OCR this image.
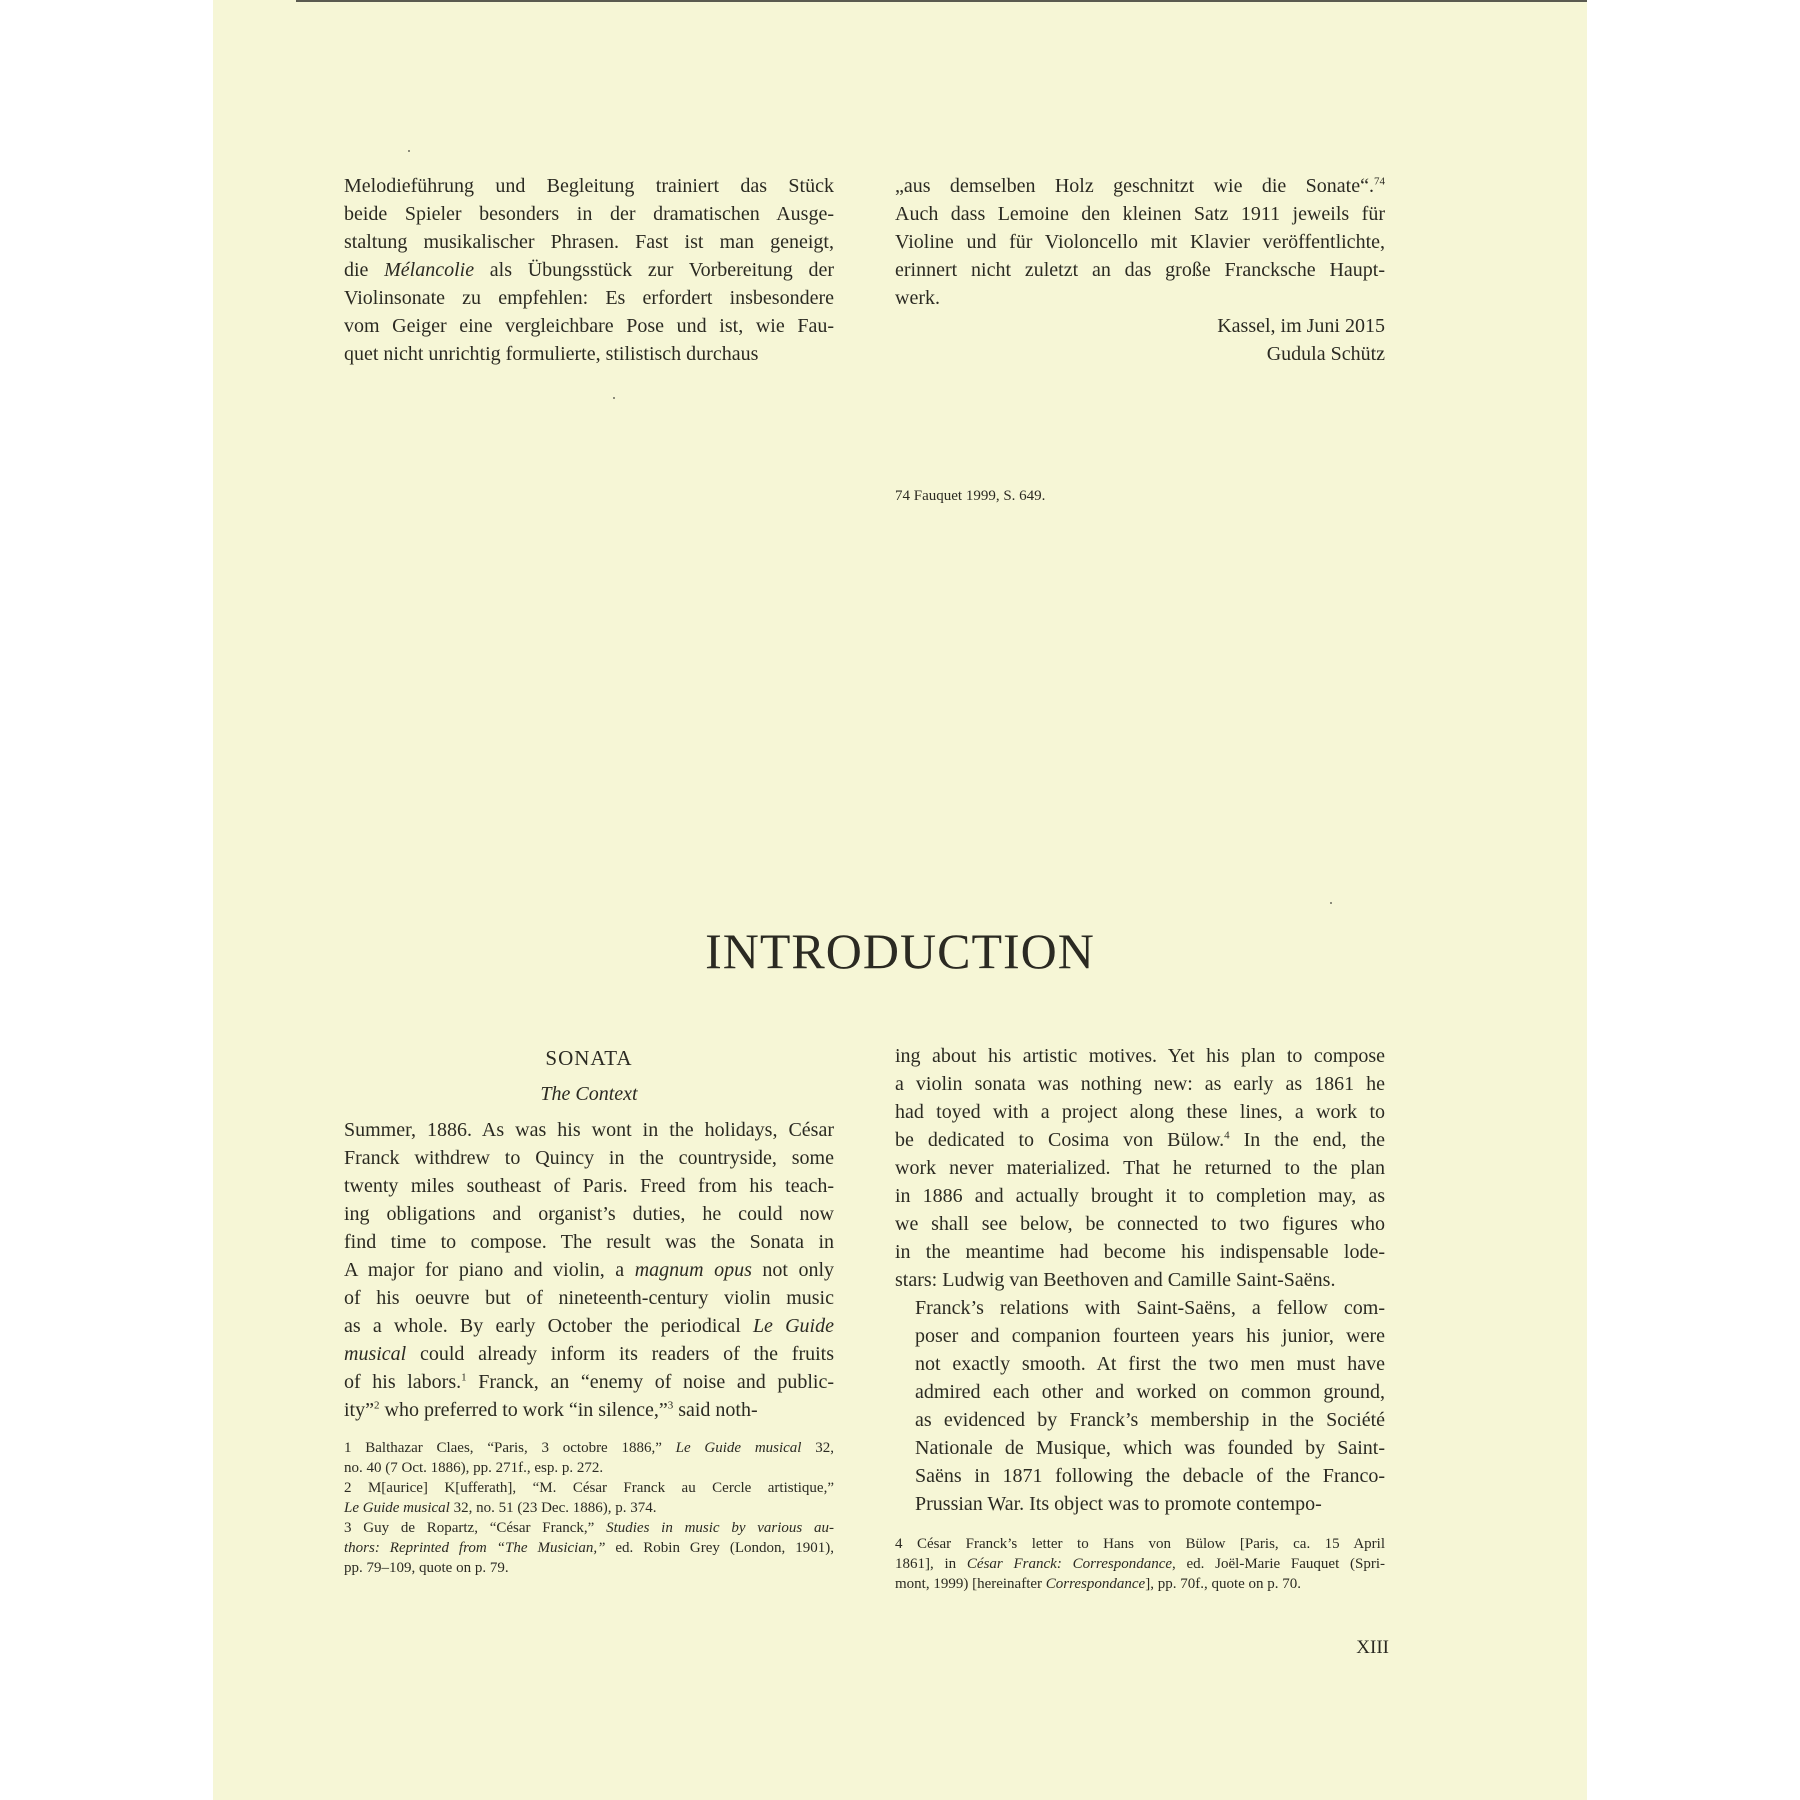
Melodieführung und Begleitung trainiert das Stück
beide Spieler besonders in der dramatischen Ausge-
staltung musikalischer Phrasen. Fast ist man geneigt,
die Mélancolie als Übungsstück zur Vorbereitung der
Violinsonate zu empfehlen: Es erfordert insbesondere
vom Geiger eine vergleichbare Pose und ist, wie Fau-
quet nicht unrichtig formulierte, stilistisch durchaus
„aus demselben Holz geschnitzt wie die Sonate“.$^{74}$
Auch dass Lemoine den kleinen Satz 1911 jeweils für
Violine und für Violoncello mit Klavier veröffentlichte,
erinnert nicht zuletzt an das große Francksche Haupt-
werk.
Kassel, im Juni 2015
Gudula Schütz
74 Fauquet 1999, S. 649.
INTRODUCTION
SONATA
The Context
Summer, 1886. As was his wont in the holidays, César
Franck withdrew to Quincy in the countryside, some
twenty miles southeast of Paris. Freed from his teach-
ing obligations and organist’s duties, he could now
find time to compose. The result was the Sonata in
A major for piano and violin, a magnum opus not only
of his oeuvre but of nineteenth-century violin music
as a whole. By early October the periodical Le Guide
musical could already inform its readers of the fruits
of his labors.$^1$ Franck, an “enemy of noise and public-
ity”$^2$ who preferred to work “in silence,”$^3$ said noth-
1 Balthazar Claes, “Paris, 3 octobre 1886,” Le Guide musical 32,
no. 40 (7 Oct. 1886), pp. 271f., esp. p. 272.
2 M[aurice] K[ufferath], “M. César Franck au Cercle artistique,”
Le Guide musical 32, no. 51 (23 Dec. 1886), p. 374.
3 Guy de Ropartz, “César Franck,” Studies in music by various au-
thors: Reprinted from “The Musician,” ed. Robin Grey (London, 1901),
pp. 79–109, quote on p. 79.
ing about his artistic motives. Yet his plan to compose
a violin sonata was nothing new: as early as 1861 he
had toyed with a project along these lines, a work to
be dedicated to Cosima von Bülow.$^4$ In the end, the
work never materialized. That he returned to the plan
in 1886 and actually brought it to completion may, as
we shall see below, be connected to two figures who
in the meantime had become his indispensable lode-
stars: Ludwig van Beethoven and Camille Saint-Saëns.
Franck’s relations with Saint-Saëns, a fellow com-
poser and companion fourteen years his junior, were
not exactly smooth. At first the two men must have
admired each other and worked on common ground,
as evidenced by Franck’s membership in the Société
Nationale de Musique, which was founded by Saint-
Saëns in 1871 following the debacle of the Franco-
Prussian War. Its object was to promote contempo-
4 César Franck’s letter to Hans von Bülow [Paris, ca. 15 April
1861], in César Franck: Correspondance, ed. Joël-Marie Fauquet (Spri-
mont, 1999) [hereinafter Correspondance], pp. 70f., quote on p. 70.
XIII
